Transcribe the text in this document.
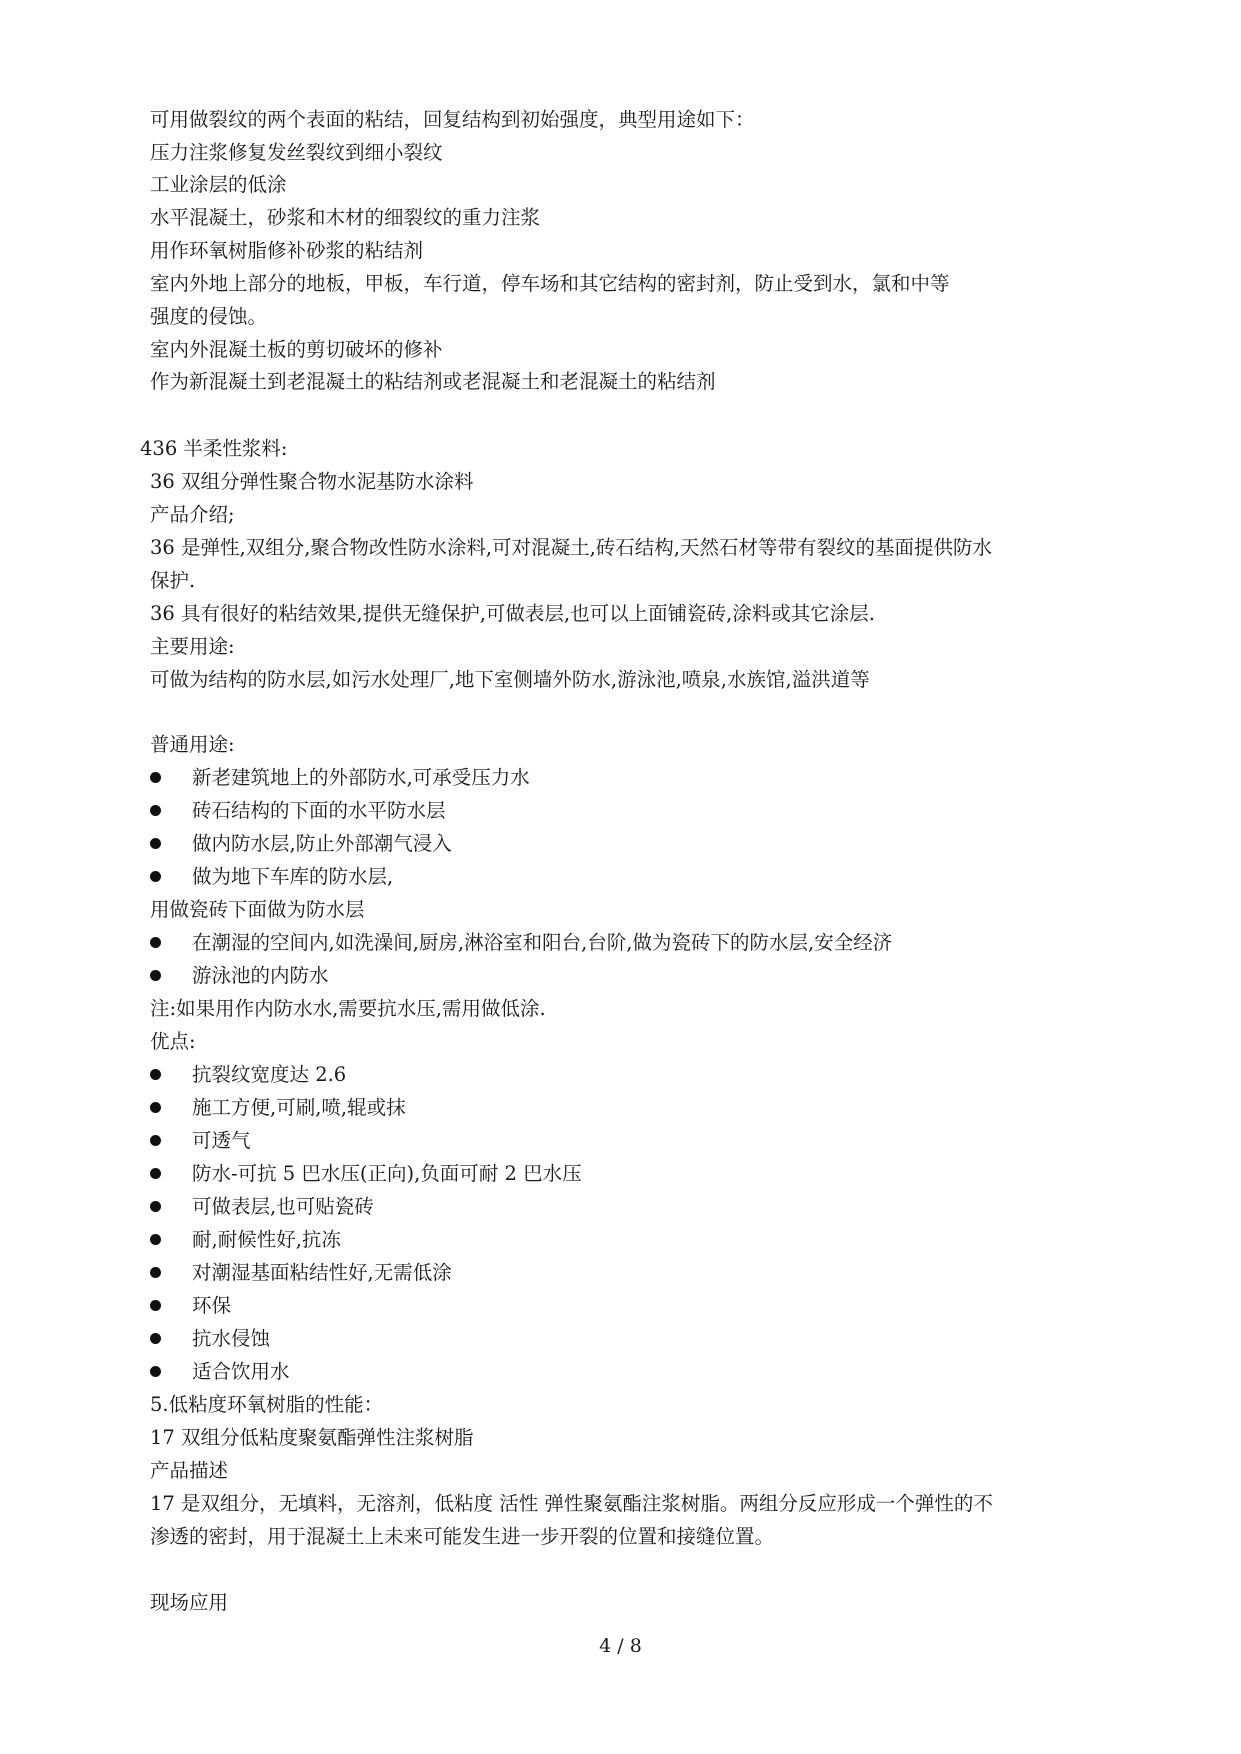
可用做裂纹的两个表面的粘结，回复结构到初始强度，典型用途如下：
压力注浆修复发丝裂纹到细小裂纹
工业涂层的低涂
水平混凝土，砂浆和木材的细裂纹的重力注浆
用作环氧树脂修补砂浆的粘结剂
室内外地上部分的地板，甲板，车行道，停车场和其它结构的密封剂，防止受到水，氯和中等
强度的侵蚀。
室内外混凝土板的剪切破坏的修补
作为新混凝土到老混凝土的粘结剂或老混凝土和老混凝土的粘结剂
436 半柔性浆料:
36 双组分弹性聚合物水泥基防水涂料
产品介绍;
36 是弹性,双组分,聚合物改性防水涂料,可对混凝土,砖石结构,天然石材等带有裂纹的基面提供防水
保护.
36 具有很好的粘结效果,提供无缝保护,可做表层,也可以上面铺瓷砖,涂料或其它涂层.
主要用途:
可做为结构的防水层,如污水处理厂,地下室侧墙外防水,游泳池,喷泉,水族馆,溢洪道等
普通用途:
新老建筑地上的外部防水,可承受压力水
砖石结构的下面的水平防水层
做内防水层,防止外部潮气浸入
做为地下车库的防水层,
用做瓷砖下面做为防水层
在潮湿的空间内,如洗澡间,厨房,淋浴室和阳台,台阶,做为瓷砖下的防水层,安全经济
游泳池的内防水
注:如果用作内防水水,需要抗水压,需用做低涂.
优点:
抗裂纹宽度达 2.6
施工方便,可刷,喷,辊或抹
可透气
防水-可抗 5 巴水压(正向),负面可耐 2 巴水压
可做表层,也可贴瓷砖
耐,耐候性好,抗冻
对潮湿基面粘结性好,无需低涂
环保
抗水侵蚀
适合饮用水
5.低粘度环氧树脂的性能：
17 双组分低粘度聚氨酯弹性注浆树脂
产品描述
17 是双组分，无填料，无溶剂，低粘度 活性 弹性聚氨酯注浆树脂。两组分反应形成一个弹性的不
渗透的密封，用于混凝土上未来可能发生进一步开裂的位置和接缝位置。
现场应用
4 / 8
